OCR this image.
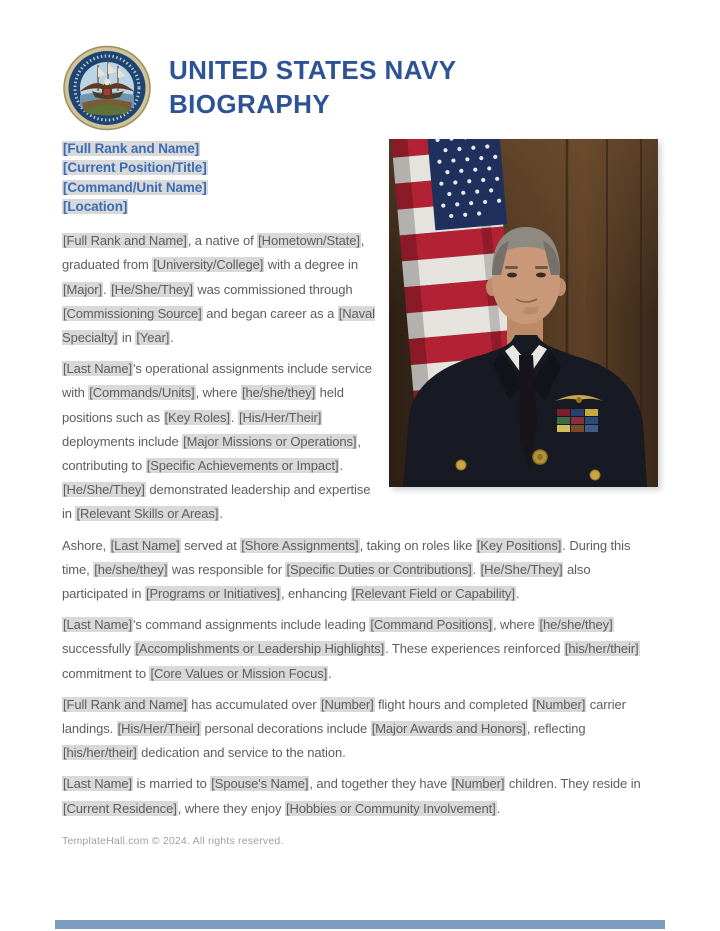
UNITED STATES NAVY
BIOGRAPHY
[Full Rank and Name]
[Current Position/Title]
[Command/Unit Name]
[Location]

[Full Rank and Name], a native of [Hometown/State], graduated from [University/College] with a degree in [Major]. [He/She/They] was commissioned through [Commissioning Source] and began career as a [Naval Specialty] in [Year].

[Last Name]'s operational assignments include service with [Commands/Units], where [he/she/they] held positions such as [Key Roles]. [His/Her/Their] deployments include [Major Missions or Operations], contributing to [Specific Achievements or Impact]. [He/She/They] demonstrated leadership and expertise in [Relevant Skills or Areas].

Ashore, [Last Name] served at [Shore Assignments], taking on roles like [Key Positions]. During this time, [he/she/they] was responsible for [Specific Duties or Contributions]. [He/She/They] also participated in [Programs or Initiatives], enhancing [Relevant Field or Capability].

[Last Name]'s command assignments include leading [Command Positions], where [he/she/they] successfully [Accomplishments or Leadership Highlights]. These experiences reinforced [his/her/their] commitment to [Core Values or Mission Focus].

[Full Rank and Name] has accumulated over [Number] flight hours and completed [Number] carrier landings. [His/Her/Their] personal decorations include [Major Awards and Honors], reflecting [his/her/their] dedication and service to the nation.

[Last Name] is married to [Spouse's Name], and together they have [Number] children. They reside in [Current Residence], where they enjoy [Hobbies or Community Involvement].

TemplateHall.com © 2024. All rights reserved.
